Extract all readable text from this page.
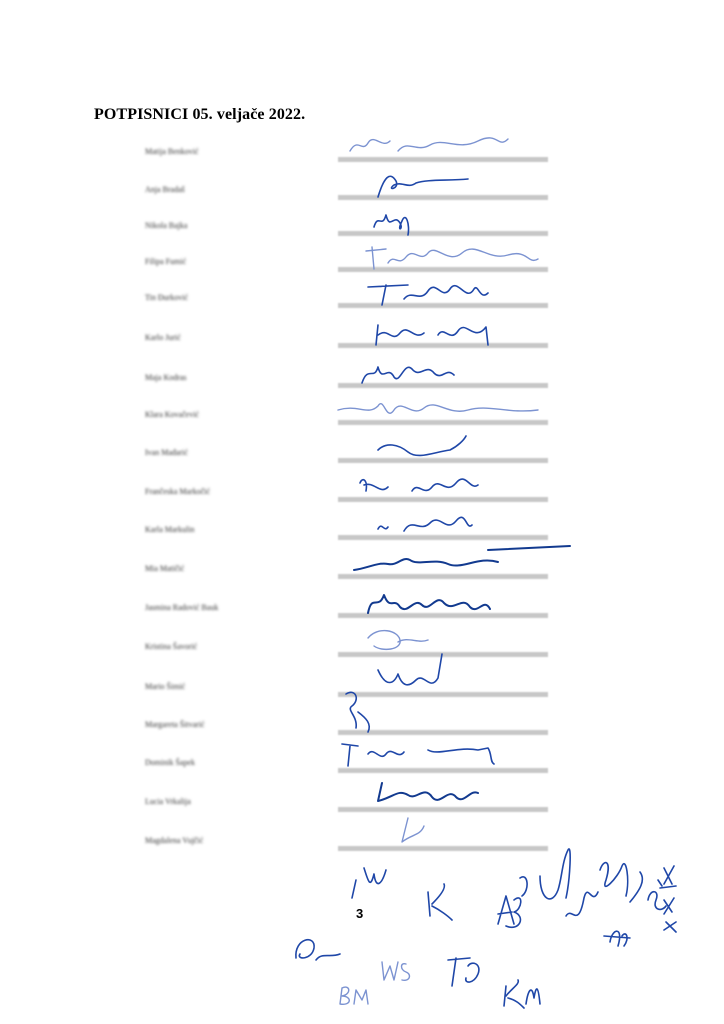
POTPISNICI 05. veljače 2022.
Matija Benković
Anja Bradaš
Nikola Bajka
Filipa Fumić
Tin Đurković
Karlo Jurić
Maja Kodras
Klara Kovačević
Ivan Mađarić
Frančeska Markočić
Karla Markulin
Mia Matičić
Jasmina Radović Bauk
Kristina Šavorić
Mario Šimić
Margareta Šitvarić
Dominik Šapek
Lucia Vrkalija
Magdalena Vujčić
3
